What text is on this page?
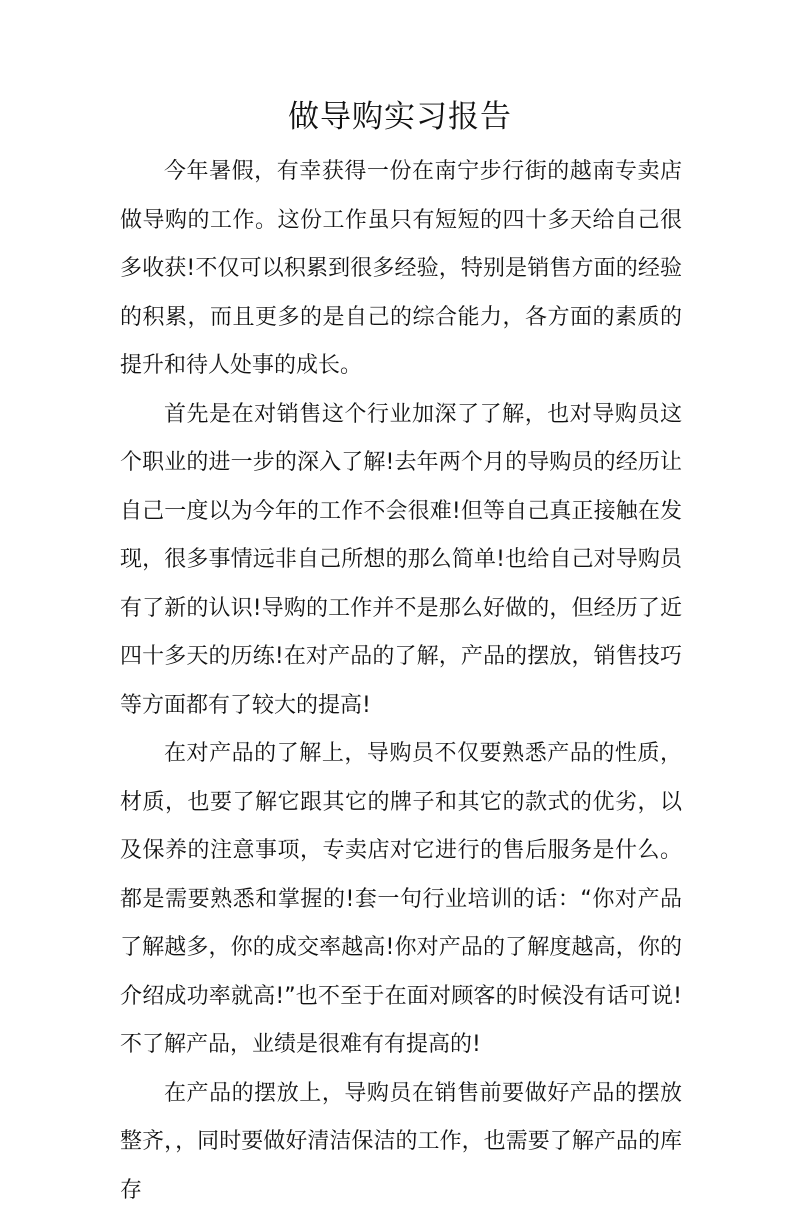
做导购实习报告

今年暑假，有幸获得一份在南宁步行街的越南专卖店做导购的工作。这份工作虽只有短短的四十多天给自己很多收获!不仅可以积累到很多经验，特别是销售方面的经验的积累，而且更多的是自己的综合能力，各方面的素质的提升和待人处事的成长。

首先是在对销售这个行业加深了了解，也对导购员这个职业的进一步的深入了解!去年两个月的导购员的经历让自己一度以为今年的工作不会很难!但等自己真正接触在发现，很多事情远非自己所想的那么简单!也给自己对导购员有了新的认识!导购的工作并不是那么好做的，但经历了近四十多天的历练!在对产品的了解，产品的摆放，销售技巧等方面都有了较大的提高!

在对产品的了解上，导购员不仅要熟悉产品的性质，材质，也要了解它跟其它的牌子和其它的款式的优劣，以及保养的注意事项，专卖店对它进行的售后服务是什么。都是需要熟悉和掌握的!套一句行业培训的话：“你对产品了解越多，你的成交率越高!你对产品的了解度越高，你的介绍成功率就高!”也不至于在面对顾客的时候没有话可说!不了解产品，业绩是很难有有提高的!

在产品的摆放上，导购员在销售前要做好产品的摆放整齐，，同时要做好清洁保洁的工作，也需要了解产品的库存
